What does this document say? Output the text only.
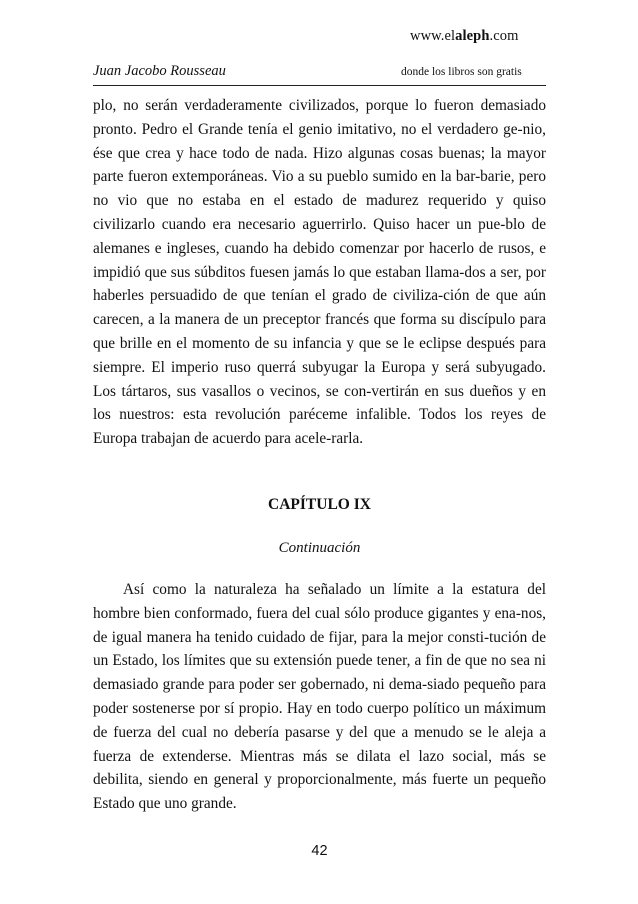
www.elaleph.com
Juan Jacobo Rousseau	donde los libros son gratis

plo, no serán verdaderamente civilizados, porque lo fueron demasiado pronto. Pedro el Grande tenía el genio imitativo, no el verdadero ge-nio, ése que crea y hace todo de nada. Hizo algunas cosas buenas; la mayor parte fueron extemporáneas. Vio a su pueblo sumido en la bar-barie, pero no vio que no estaba en el estado de madurez requerido y quiso civilizarlo cuando era necesario aguerrirlo. Quiso hacer un pue-blo de alemanes e ingleses, cuando ha debido comenzar por hacerlo de rusos, e impidió que sus súbditos fuesen jamás lo que estaban llama-dos a ser, por haberles persuadido de que tenían el grado de civiliza-ción de que aún carecen, a la manera de un preceptor francés que forma su discípulo para que brille en el momento de su infancia y que se le eclipse después para siempre. El imperio ruso querrá subyugar la Europa y será subyugado. Los tártaros, sus vasallos o vecinos, se con-vertirán en sus dueños y en los nuestros: esta revolución paréceme infalible. Todos los reyes de Europa trabajan de acuerdo para acele-rarla.

CAPÍTULO IX
Continuación

Así como la naturaleza ha señalado un límite a la estatura del hombre bien conformado, fuera del cual sólo produce gigantes y ena-nos, de igual manera ha tenido cuidado de fijar, para la mejor consti-tución de un Estado, los límites que su extensión puede tener, a fin de que no sea ni demasiado grande para poder ser gobernado, ni dema-siado pequeño para poder sostenerse por sí propio. Hay en todo cuerpo político un máximum de fuerza del cual no debería pasarse y del que a menudo se le aleja a fuerza de extenderse. Mientras más se dilata el lazo social, más se debilita, siendo en general y proporcionalmente, más fuerte un pequeño Estado que uno grande.

42
